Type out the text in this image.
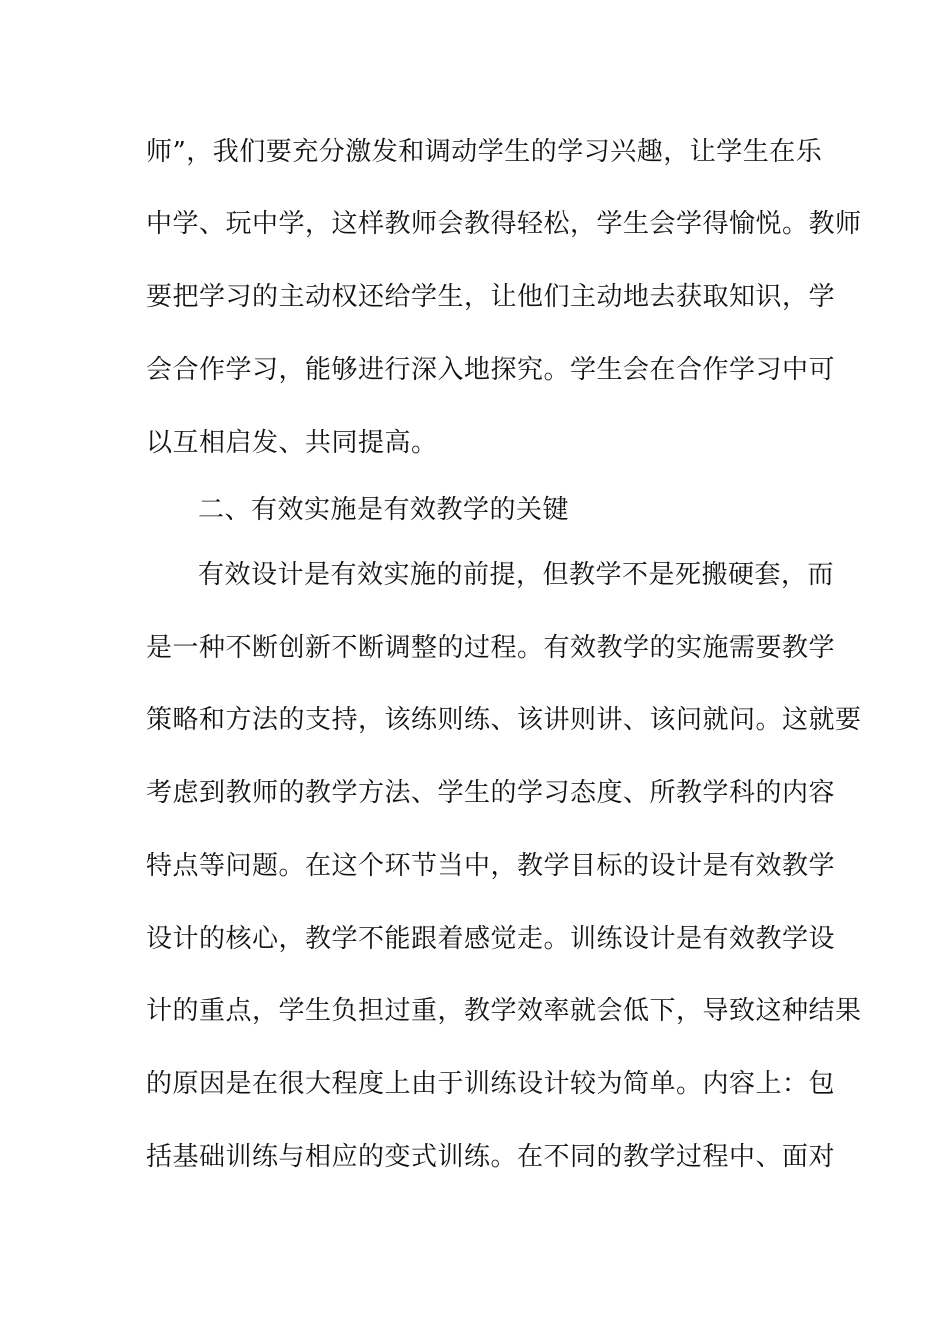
师”，我们要充分激发和调动学生的学习兴趣，让学生在乐
中学、玩中学，这样教师会教得轻松，学生会学得愉悦。教师
要把学习的主动权还给学生，让他们主动地去获取知识，学
会合作学习，能够进行深入地探究。学生会在合作学习中可
以互相启发、共同提高。
二、有效实施是有效教学的关键
有效设计是有效实施的前提，但教学不是死搬硬套，而
是一种不断创新不断调整的过程。有效教学的实施需要教学
策略和方法的支持，该练则练、该讲则讲、该问就问。这就要
考虑到教师的教学方法、学生的学习态度、所教学科的内容
特点等问题。在这个环节当中，教学目标的设计是有效教学
设计的核心，教学不能跟着感觉走。训练设计是有效教学设
计的重点，学生负担过重，教学效率就会低下，导致这种结果
的原因是在很大程度上由于训练设计较为简单。内容上：包
括基础训练与相应的变式训练。在不同的教学过程中、面对
